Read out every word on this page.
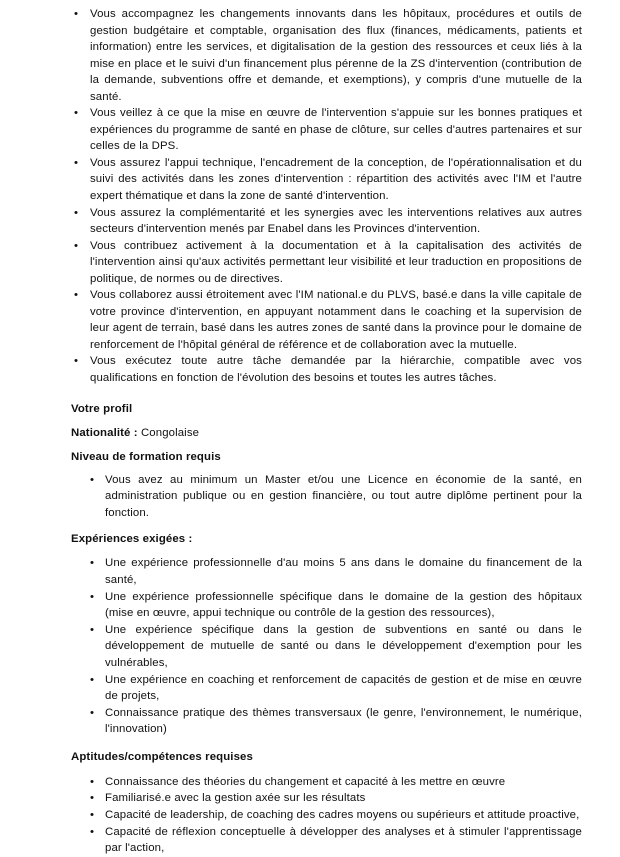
• Vous accompagnez les changements innovants dans les hôpitaux, procédures et outils de gestion budgétaire et comptable, organisation des flux (finances, médicaments, patients et information) entre les services, et digitalisation de la gestion des ressources et ceux liés à la mise en place et le suivi d'un financement plus pérenne de la ZS d'intervention (contribution de la demande, subventions offre et demande, et exemptions), y compris d'une mutuelle de la santé.
• Vous veillez à ce que la mise en œuvre de l'intervention s'appuie sur les bonnes pratiques et expériences du programme de santé en phase de clôture, sur celles d'autres partenaires et sur celles de la DPS.
• Vous assurez l'appui technique, l'encadrement de la conception, de l'opérationnalisation et du suivi des activités dans les zones d'intervention : répartition des activités avec l'IM et l'autre expert thématique et dans la zone de santé d'intervention.
• Vous assurez la complémentarité et les synergies avec les interventions relatives aux autres secteurs d'intervention menés par Enabel dans les Provinces d'intervention.
• Vous contribuez activement à la documentation et à la capitalisation des activités de l'intervention ainsi qu'aux activités permettant leur visibilité et leur traduction en propositions de politique, de normes ou de directives.
• Vous collaborez aussi étroitement avec l'IM national.e du PLVS, basé.e dans la ville capitale de votre province d'intervention, en appuyant notamment dans le coaching et la supervision de leur agent de terrain, basé dans les autres zones de santé dans la province pour le domaine de renforcement de l'hôpital général de référence et de collaboration avec la mutuelle.
• Vous exécutez toute autre tâche demandée par la hiérarchie, compatible avec vos qualifications en fonction de l'évolution des besoins et toutes les autres tâches.
Votre profil
Nationalité : Congolaise
Niveau de formation requis
• Vous avez au minimum un Master et/ou une Licence en économie de la santé, en administration publique ou en gestion financière, ou tout autre diplôme pertinent pour la fonction.
Expériences exigées :
• Une expérience professionnelle d'au moins 5 ans dans le domaine du financement de la santé,
• Une expérience professionnelle spécifique dans le domaine de la gestion des hôpitaux (mise en œuvre, appui technique ou contrôle de la gestion des ressources),
• Une expérience spécifique dans la gestion de subventions en santé ou dans le développement de mutuelle de santé ou dans le développement d'exemption pour les vulnérables,
• Une expérience en coaching et renforcement de capacités de gestion et de mise en œuvre de projets,
• Connaissance pratique des thèmes transversaux (le genre, l'environnement, le numérique, l'innovation)
Aptitudes/compétences requises
• Connaissance des théories du changement et capacité à les mettre en œuvre
• Familiarisé.e avec la gestion axée sur les résultats
• Capacité de leadership, de coaching des cadres moyens ou supérieurs et attitude proactive,
• Capacité de réflexion conceptuelle à développer des analyses et à stimuler l'apprentissage par l'action,
